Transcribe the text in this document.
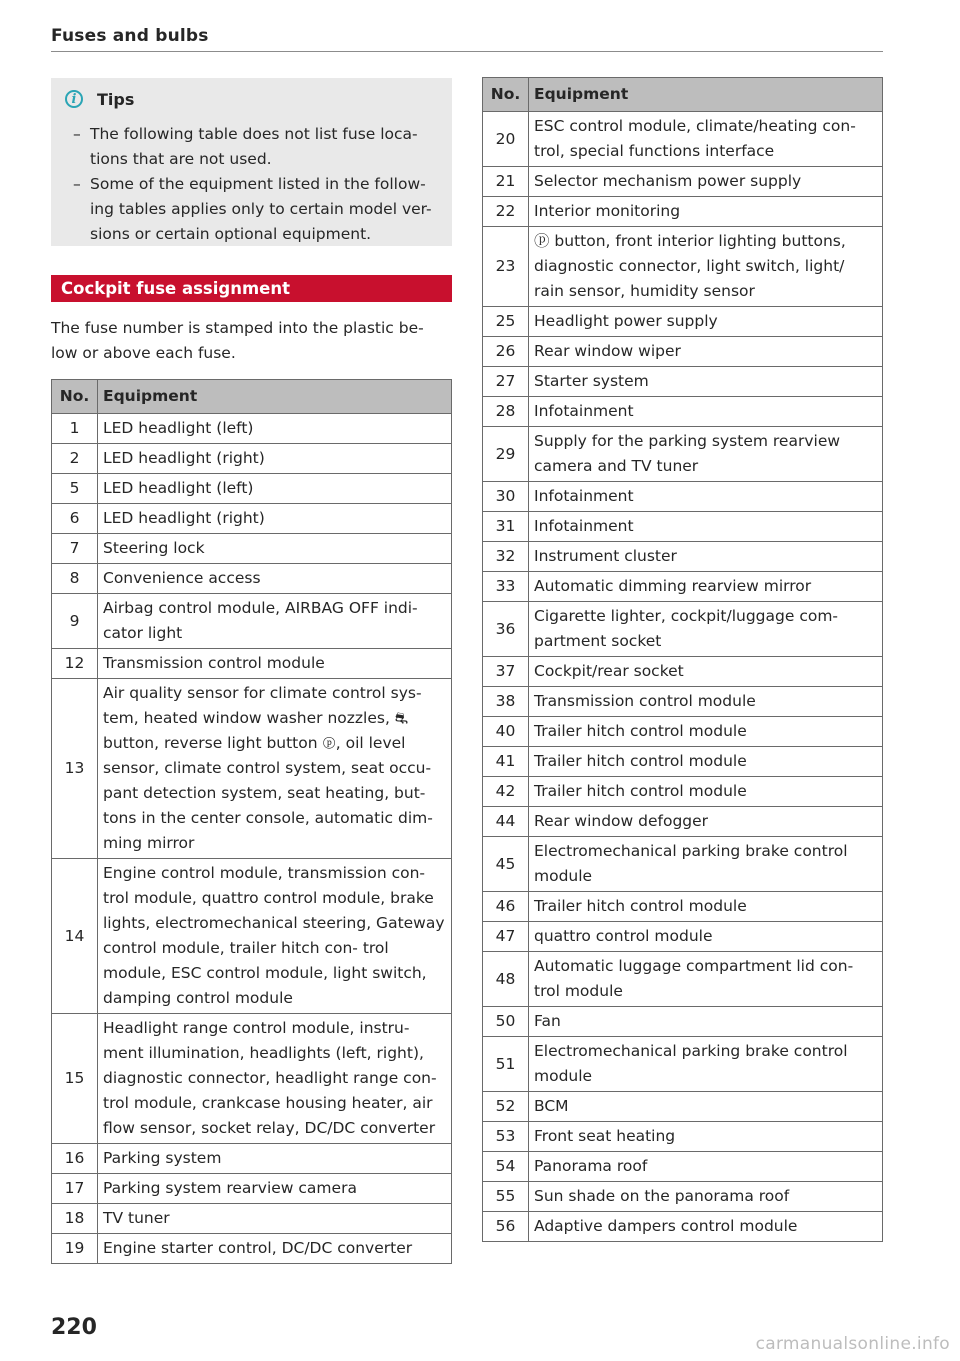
Fuses and bulbs
i	Tips
– The following table does not list fuse loca- tions that are not used.
– Some of the equipment listed in the follow- ing tables applies only to certain model ver- sions or certain optional equipment.
Cockpit fuse assignment
The fuse number is stamped into the plastic be- low or above each fuse.
No.	Equipment
1	LED headlight (left)
2	LED headlight (right)
5	LED headlight (left)
6	LED headlight (right)
7	Steering lock
8	Convenience access
9	Airbag control module, AIRBAG OFF indi- cator light
12	Transmission control module
13	Air quality sensor for climate control sys- tem, heated window washer nozzles, ⛐ button, reverse light button ⓟ, oil level sensor, climate control system, seat occu- pant detection system, seat heating, but- tons in the center console, automatic dim- ming mirror
14	Engine control module, transmission con- trol module, quattro control module, brake lights, electromechanical steering, Gateway control module, trailer hitch con- trol module, ESC control module, light switch, damping control module
15	Headlight range control module, instru- ment illumination, headlights (left, right), diagnostic connector, headlight range con- trol module, crankcase housing heater, air flow sensor, socket relay, DC/DC converter
16	Parking system
17	Parking system rearview camera
18	TV tuner
19	Engine starter control, DC/DC converter
No.	Equipment
20	ESC control module, climate/heating con- trol, special functions interface
21	Selector mechanism power supply
22	Interior monitoring
23	ⓟ button, front interior lighting buttons, diagnostic connector, light switch, light/ rain sensor, humidity sensor
25	Headlight power supply
26	Rear window wiper
27	Starter system
28	Infotainment
29	Supply for the parking system rearview camera and TV tuner
30	Infotainment
31	Infotainment
32	Instrument cluster
33	Automatic dimming rearview mirror
36	Cigarette lighter, cockpit/luggage com- partment socket
37	Cockpit/rear socket
38	Transmission control module
40	Trailer hitch control module
41	Trailer hitch control module
42	Trailer hitch control module
44	Rear window defogger
45	Electromechanical parking brake control module
46	Trailer hitch control module
47	quattro control module
48	Automatic luggage compartment lid con- trol module
50	Fan
51	Electromechanical parking brake control module
52	BCM
53	Front seat heating
54	Panorama roof
55	Sun shade on the panorama roof
56	Adaptive dampers control module
220
carmanualsonline.info
